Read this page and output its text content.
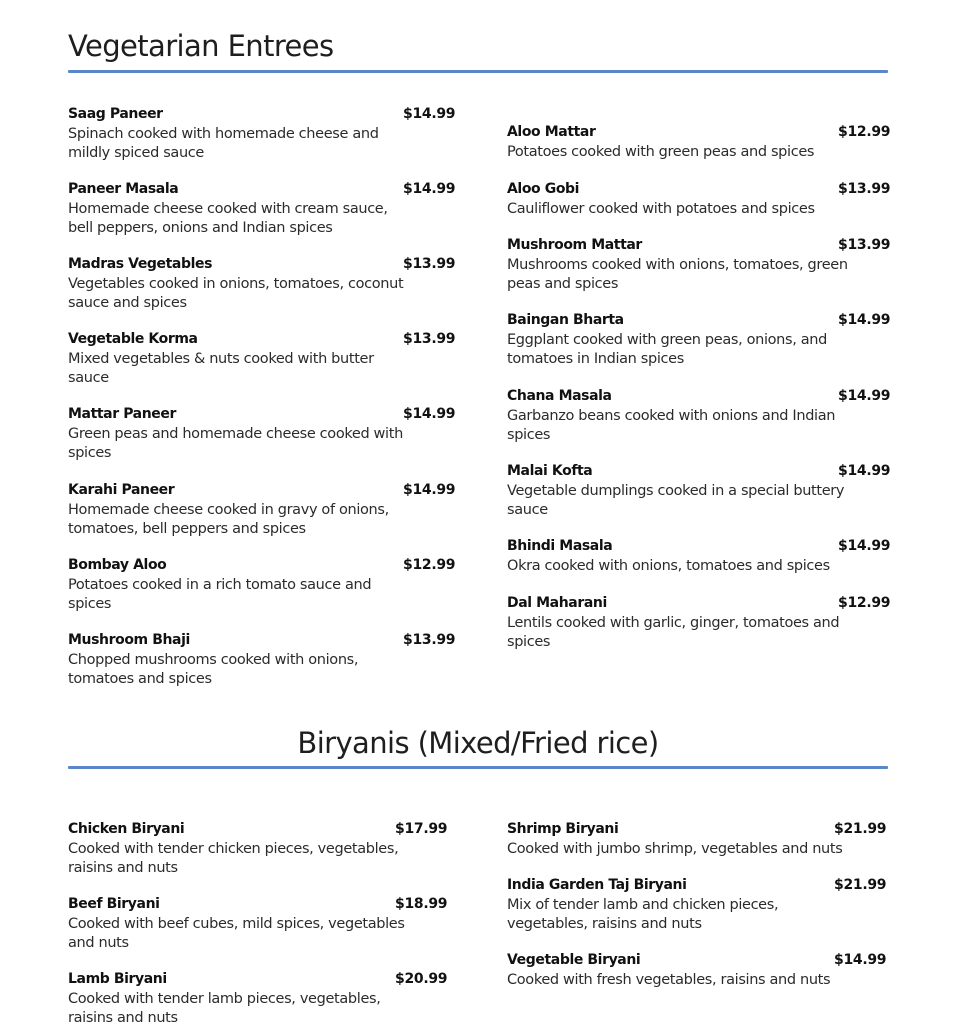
Vegetarian Entrees
Saag Paneer	$14.99
Spinach cooked with homemade cheese and
mildly spiced sauce
Paneer Masala	$14.99
Homemade cheese cooked with cream sauce,
bell peppers, onions and Indian spices
Madras Vegetables	$13.99
Vegetables cooked in onions, tomatoes, coconut
sauce and spices
Vegetable Korma	$13.99
Mixed vegetables & nuts cooked with butter
sauce
Mattar Paneer	$14.99
Green peas and homemade cheese cooked with
spices
Karahi Paneer	$14.99
Homemade cheese cooked in gravy of onions,
tomatoes, bell peppers and spices
Bombay Aloo	$12.99
Potatoes cooked in a rich tomato sauce and
spices
Mushroom Bhaji	$13.99
Chopped mushrooms cooked with onions,
tomatoes and spices
Aloo Mattar	$12.99
Potatoes cooked with green peas and spices
Aloo Gobi	$13.99
Cauliflower cooked with potatoes and spices
Mushroom Mattar	$13.99
Mushrooms cooked with onions, tomatoes, green
peas and spices
Baingan Bharta	$14.99
Eggplant cooked with green peas, onions, and
tomatoes in Indian spices
Chana Masala	$14.99
Garbanzo beans cooked with onions and Indian
spices
Malai Kofta	$14.99
Vegetable dumplings cooked in a special buttery
sauce
Bhindi Masala	$14.99
Okra cooked with onions, tomatoes and spices
Dal Maharani	$12.99
Lentils cooked with garlic, ginger, tomatoes and
spices
Biryanis (Mixed/Fried rice)
Chicken Biryani	$17.99
Cooked with tender chicken pieces, vegetables,
raisins and nuts
Beef Biryani	$18.99
Cooked with beef cubes, mild spices, vegetables
and nuts
Lamb Biryani	$20.99
Cooked with tender lamb pieces, vegetables,
raisins and nuts
Shrimp Biryani	$21.99
Cooked with jumbo shrimp, vegetables and nuts
India Garden Taj Biryani	$21.99
Mix of tender lamb and chicken pieces,
vegetables, raisins and nuts
Vegetable Biryani	$14.99
Cooked with fresh vegetables, raisins and nuts
